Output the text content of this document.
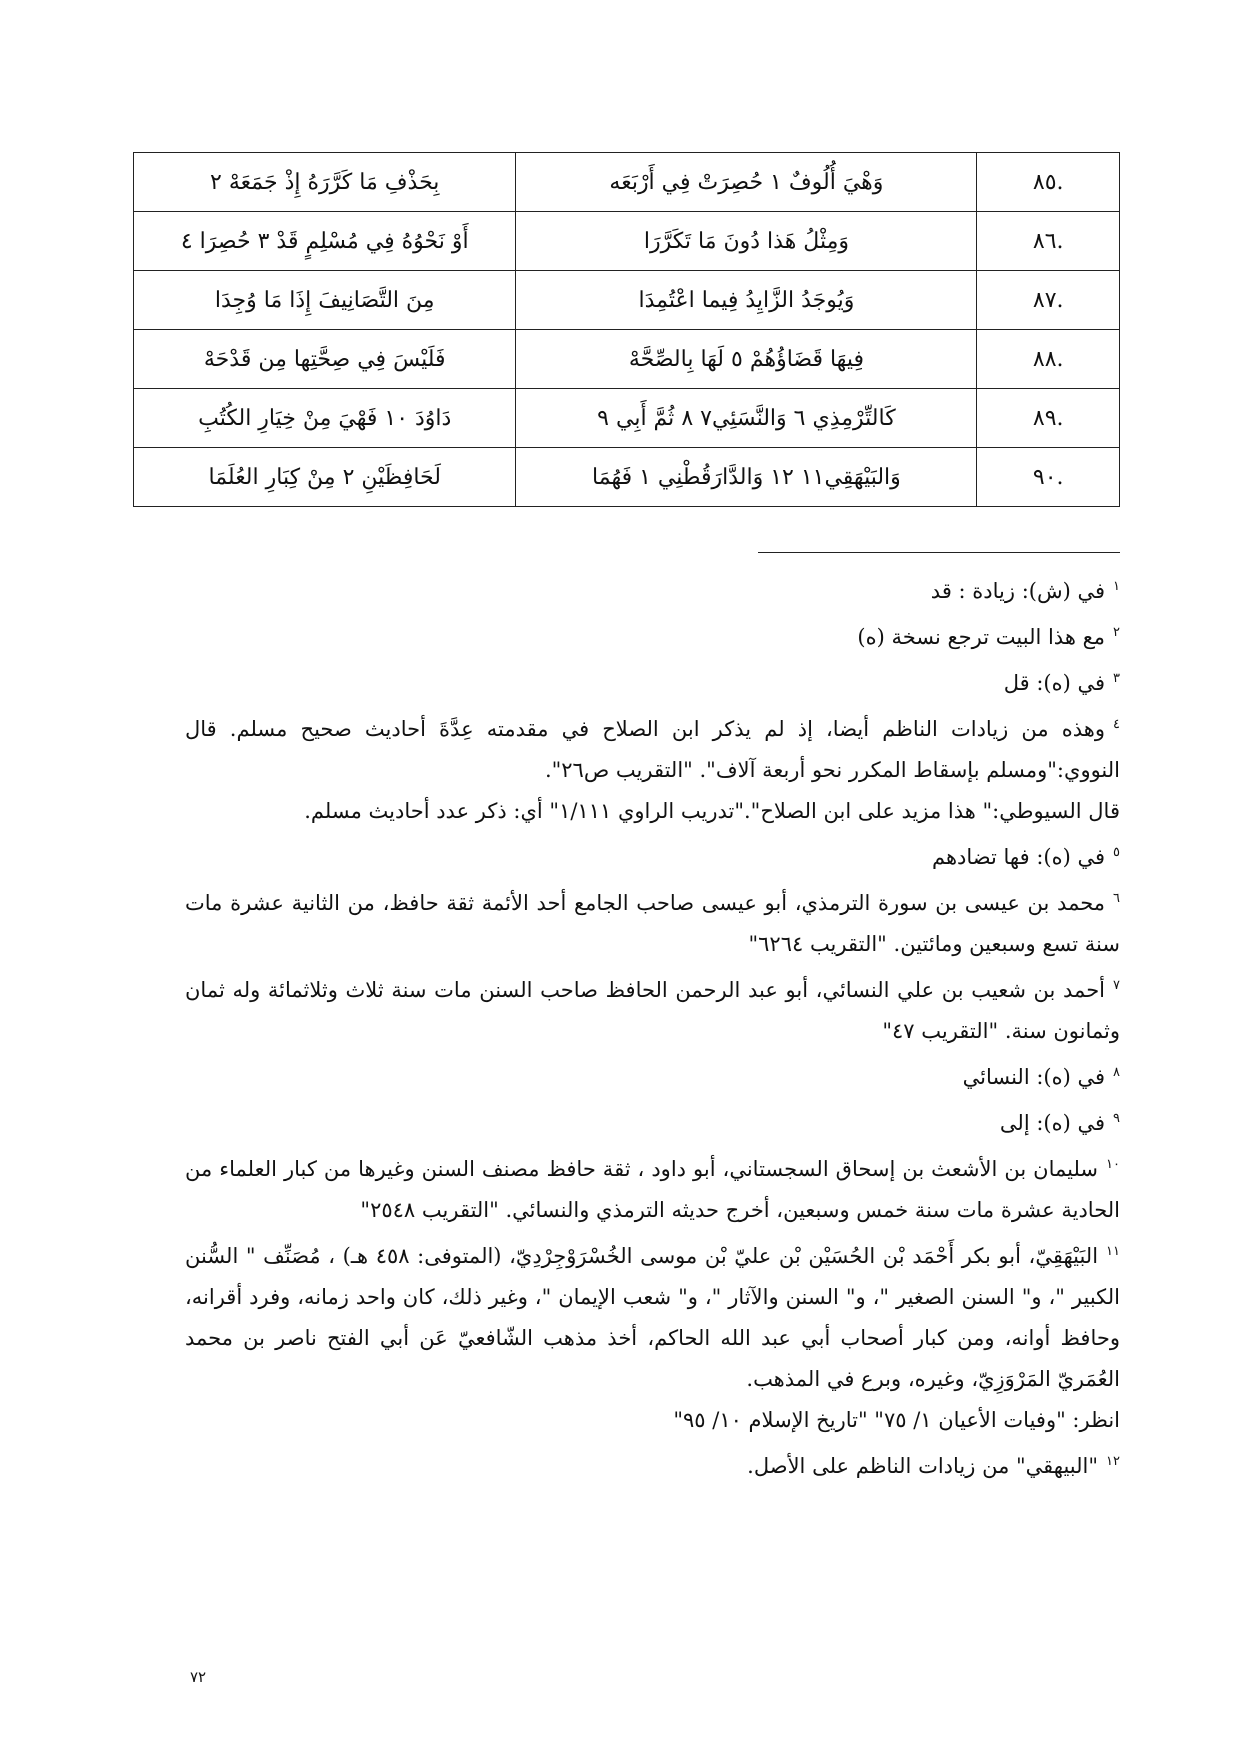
.٨٥	وَهْيَ أُلُوفٌ ١ حُصِرَتْ فِي أَرْبَعَه	بِحَذْفِ مَا كَرَّرَهُ إِذْ جَمَعَهْ ٢
.٨٦	وَمِثْلُ هَذا دُونَ مَا تَكَرَّرَا	أَوْ نَحْوُهُ فِي مُسْلِمٍ قَدْ ٣ حُصِرَا ٤
.٨٧	وَيُوجَدُ الزَّايِدُ فِيما اعْتُمِدَا	مِنَ التَّصَانِيفَ إِذَا مَا وُجِدَا
.٨٨	فِيهَا قَضَاؤُهُمْ ٥ لَهَا بِالصِّحَّهْ	فَلَيْسَ فِي صِحَّتِها مِن قَدْحَهْ
.٨٩	كَالتِّرْمِذِي ٦ وَالنَّسَئِي٧ ٨ ثُمَّ أَبِي ٩	دَاوُدَ ١٠ فَهْيَ مِنْ خِيَارِ الكُتُبِ
.٩٠	وَالبَيْهَقِي١١ ١٢ وَالدَّارَقُطْنِي ١ فَهُمَا	لَحَافِظَيْنِ ٢ مِنْ كِبَارِ العُلَمَا

$^١$في (ش): زيادة : قد

$^٢$مع هذا البيت ترجع نسخة (ه)

$^٣$في (ه): قل

$^٤$وهذه من زيادات الناظم أيضا، إذ لم يذكر ابن الصلاح في مقدمته عِدَّةَ أحاديث صحيح مسلم. قال النووي:"ومسلم بإسقاط المكرر نحو أربعة آلاف". "التقريب ص٢٦".

قال السيوطي:" هذا مزيد على ابن الصلاح"."تدريب الراوي ١/١١١" أي: ذكر عدد أحاديث مسلم.

$^٥$في (ه): فها تضادهم

$^٦$محمد بن عيسى بن سورة الترمذي، أبو عيسى صاحب الجامع أحد الأئمة ثقة حافظ، من الثانية عشرة مات سنة تسع وسبعين ومائتين. "التقريب ٦٢٦٤"

$^٧$أحمد بن شعيب بن علي النسائي، أبو عبد الرحمن الحافظ صاحب السنن مات سنة ثلاث وثلاثمائة وله ثمان وثمانون سنة. "التقريب ٤٧"

$^٨$في (ه): النسائي

$^٩$في (ه): إلى

$^{١٠}$سليمان بن الأشعث بن إسحاق السجستاني، أبو داود ، ثقة حافظ مصنف السنن وغيرها من كبار العلماء من الحادية عشرة مات سنة خمس وسبعين، أخرج حديثه الترمذي والنسائي. "التقريب ٢٥٤٨"

$^{١١}$البَيْهَقِيّ، أبو بكر أَحْمَد بْن الحُسَيْن بْن عليّ بْن موسى الخُسْرَوْجِرْدِيّ، (المتوفى: ٤٥٨ هـ) ، مُصَنِّف " السُّنن الكبير "، و" السنن الصغير "، و" السنن والآثار "، و" شعب الإيمان "، وغير ذلك، كان واحد زمانه، وفرد أقرانه، وحافظ أوانه، ومن كبار أصحاب أبي عبد الله الحاكم، أخذ مذهب الشّافعيّ عَن أبي الفتح ناصر بن محمد العُمَريّ المَرْوَزِيّ، وغيره، وبرع في المذهب.

انظر: "وفيات الأعيان ١/ ٧٥" "تاريخ الإسلام ١٠/ ٩٥"

$^{١٢}$"البيهقي" من زيادات الناظم على الأصل.

٧٢
